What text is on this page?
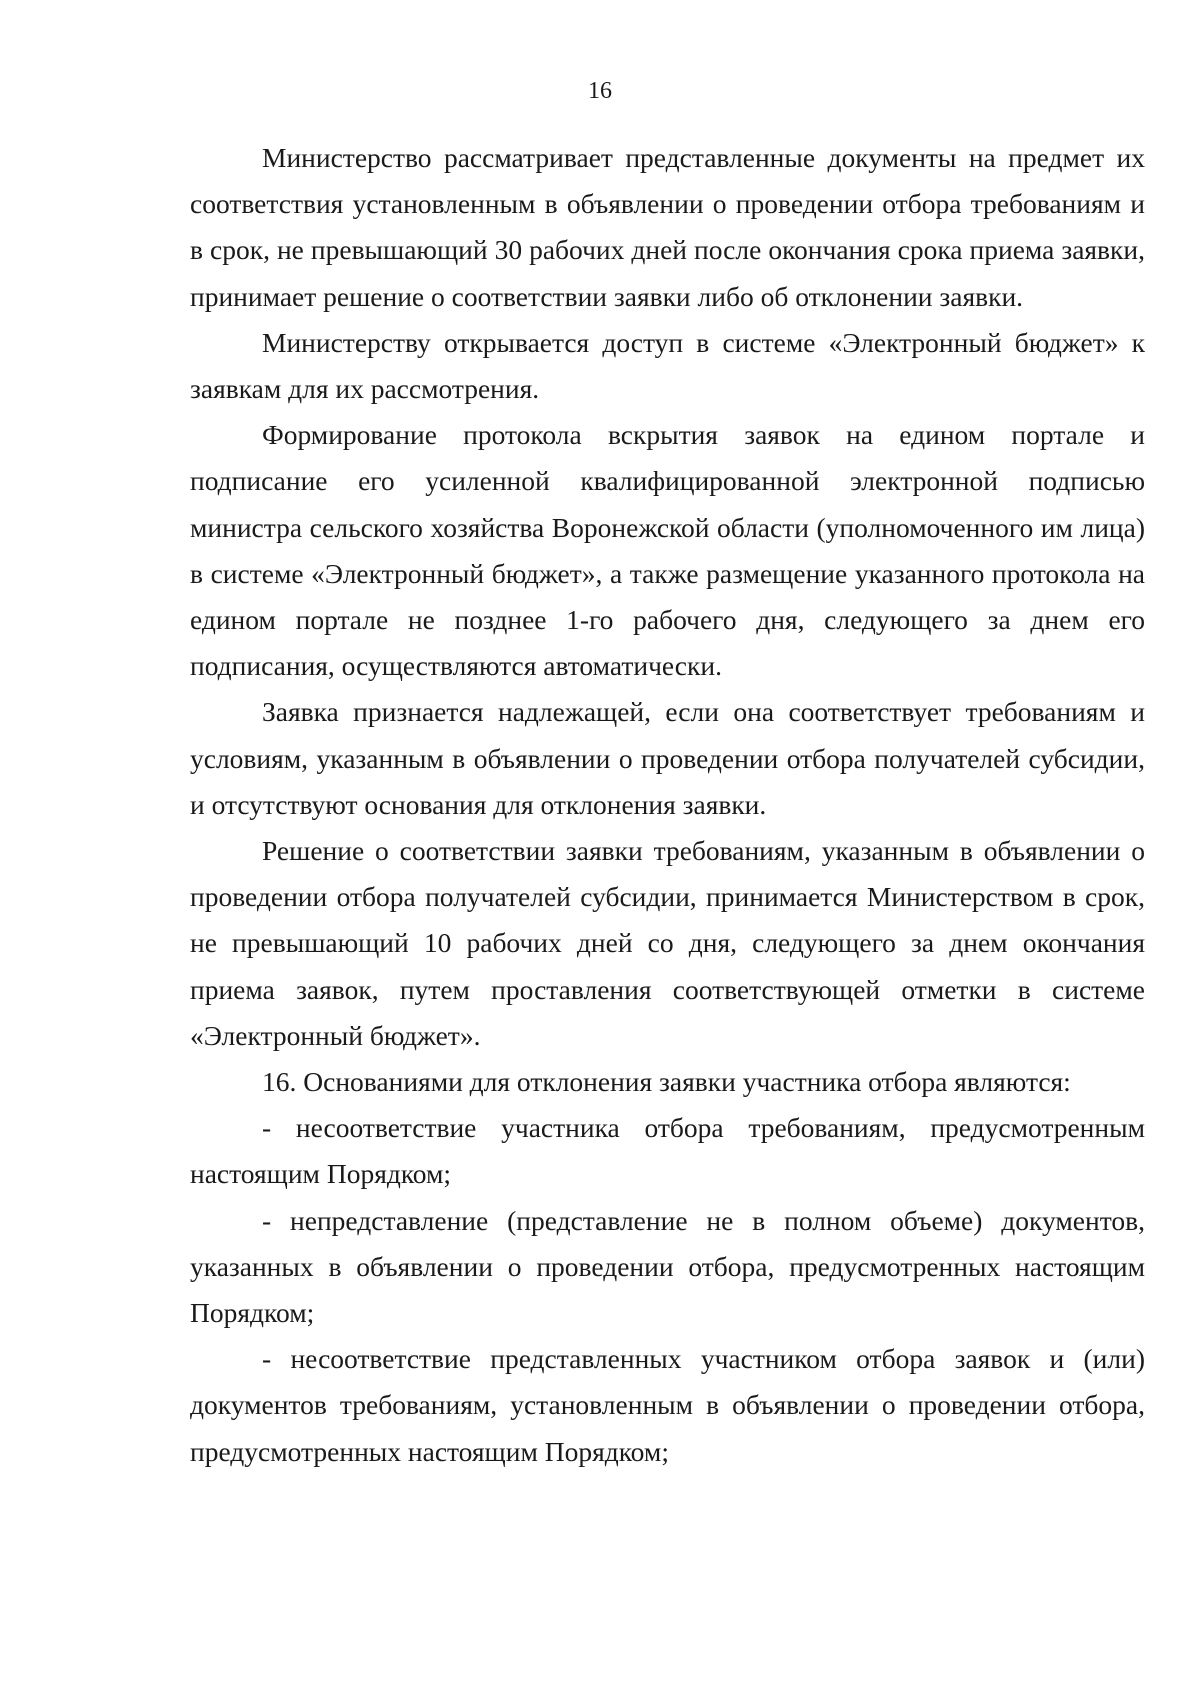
16

Министерство рассматривает представленные документы на предмет их соответствия установленным в объявлении о проведении отбора требованиям и в срок, не превышающий 30 рабочих дней после окончания срока приема заявки, принимает решение о соответствии заявки либо об отклонении заявки.

Министерству открывается доступ в системе «Электронный бюджет» к заявкам для их рассмотрения.

Формирование протокола вскрытия заявок на едином портале и подписание его усиленной квалифицированной электронной подписью министра сельского хозяйства Воронежской области (уполномоченного им лица) в системе «Электронный бюджет», а также размещение указанного протокола на едином портале не позднее 1-го рабочего дня, следующего за днем его подписания, осуществляются автоматически.

Заявка признается надлежащей, если она соответствует требованиям и условиям, указанным в объявлении о проведении отбора получателей субсидии, и отсутствуют основания для отклонения заявки.

Решение о соответствии заявки требованиям, указанным в объявлении о проведении отбора получателей субсидии, принимается Министерством в срок, не превышающий 10 рабочих дней со дня, следующего за днем окончания приема заявок, путем проставления соответствующей отметки в системе «Электронный бюджет».

16. Основаниями для отклонения заявки участника отбора являются:

- несоответствие участника отбора требованиям, предусмотренным настоящим Порядком;

- непредставление (представление не в полном объеме) документов, указанных в объявлении о проведении отбора, предусмотренных настоящим Порядком;

- несоответствие представленных участником отбора заявок и (или) документов требованиям, установленным в объявлении о проведении отбора, предусмотренных настоящим Порядком;
